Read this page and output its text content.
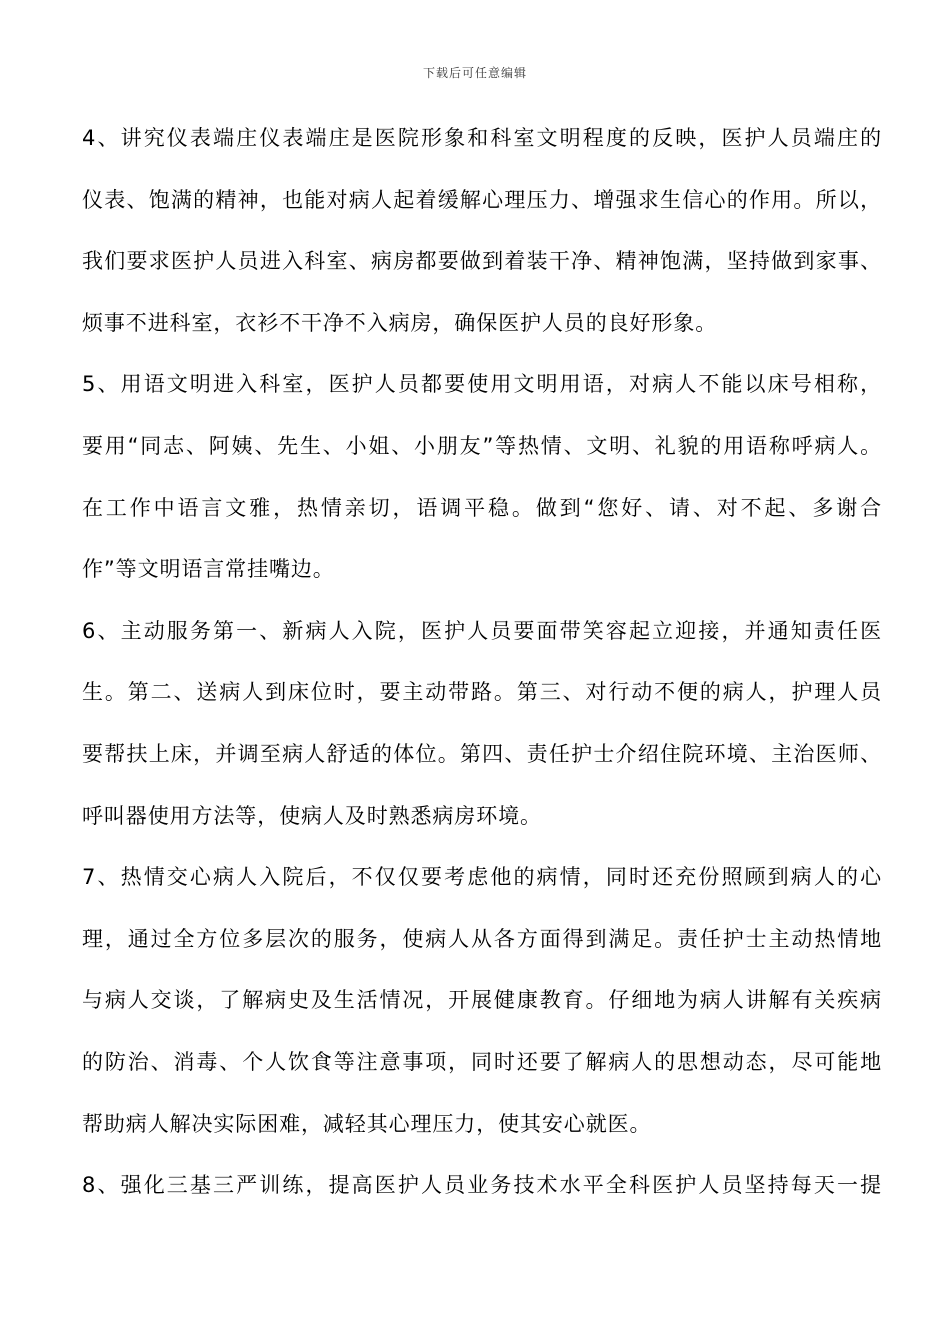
下载后可任意编辑
4、讲究仪表端庄仪表端庄是医院形象和科室文明程度的反映，医护人员端庄的
仪表、饱满的精神，也能对病人起着缓解心理压力、增强求生信心的作用。所以，
我们要求医护人员进入科室、病房都要做到着装干净、精神饱满，坚持做到家事、
烦事不进科室，衣衫不干净不入病房，确保医护人员的良好形象。
5、用语文明进入科室，医护人员都要使用文明用语，对病人不能以床号相称，
要用“同志、阿姨、先生、小姐、小朋友”等热情、文明、礼貌的用语称呼病人。
在工作中语言文雅，热情亲切，语调平稳。做到“您好、请、对不起、多谢合
作”等文明语言常挂嘴边。
6、主动服务第一、新病人入院，医护人员要面带笑容起立迎接，并通知责任医
生。第二、送病人到床位时，要主动带路。第三、对行动不便的病人，护理人员
要帮扶上床，并调至病人舒适的体位。第四、责任护士介绍住院环境、主治医师、
呼叫器使用方法等，使病人及时熟悉病房环境。
7、热情交心病人入院后，不仅仅要考虑他的病情，同时还充份照顾到病人的心
理，通过全方位多层次的服务，使病人从各方面得到满足。责任护士主动热情地
与病人交谈，了解病史及生活情况，开展健康教育。仔细地为病人讲解有关疾病
的防治、消毒、个人饮食等注意事项，同时还要了解病人的思想动态，尽可能地
帮助病人解决实际困难，减轻其心理压力，使其安心就医。
8、强化三基三严训练，提高医护人员业务技术水平全科医护人员坚持每天一提
